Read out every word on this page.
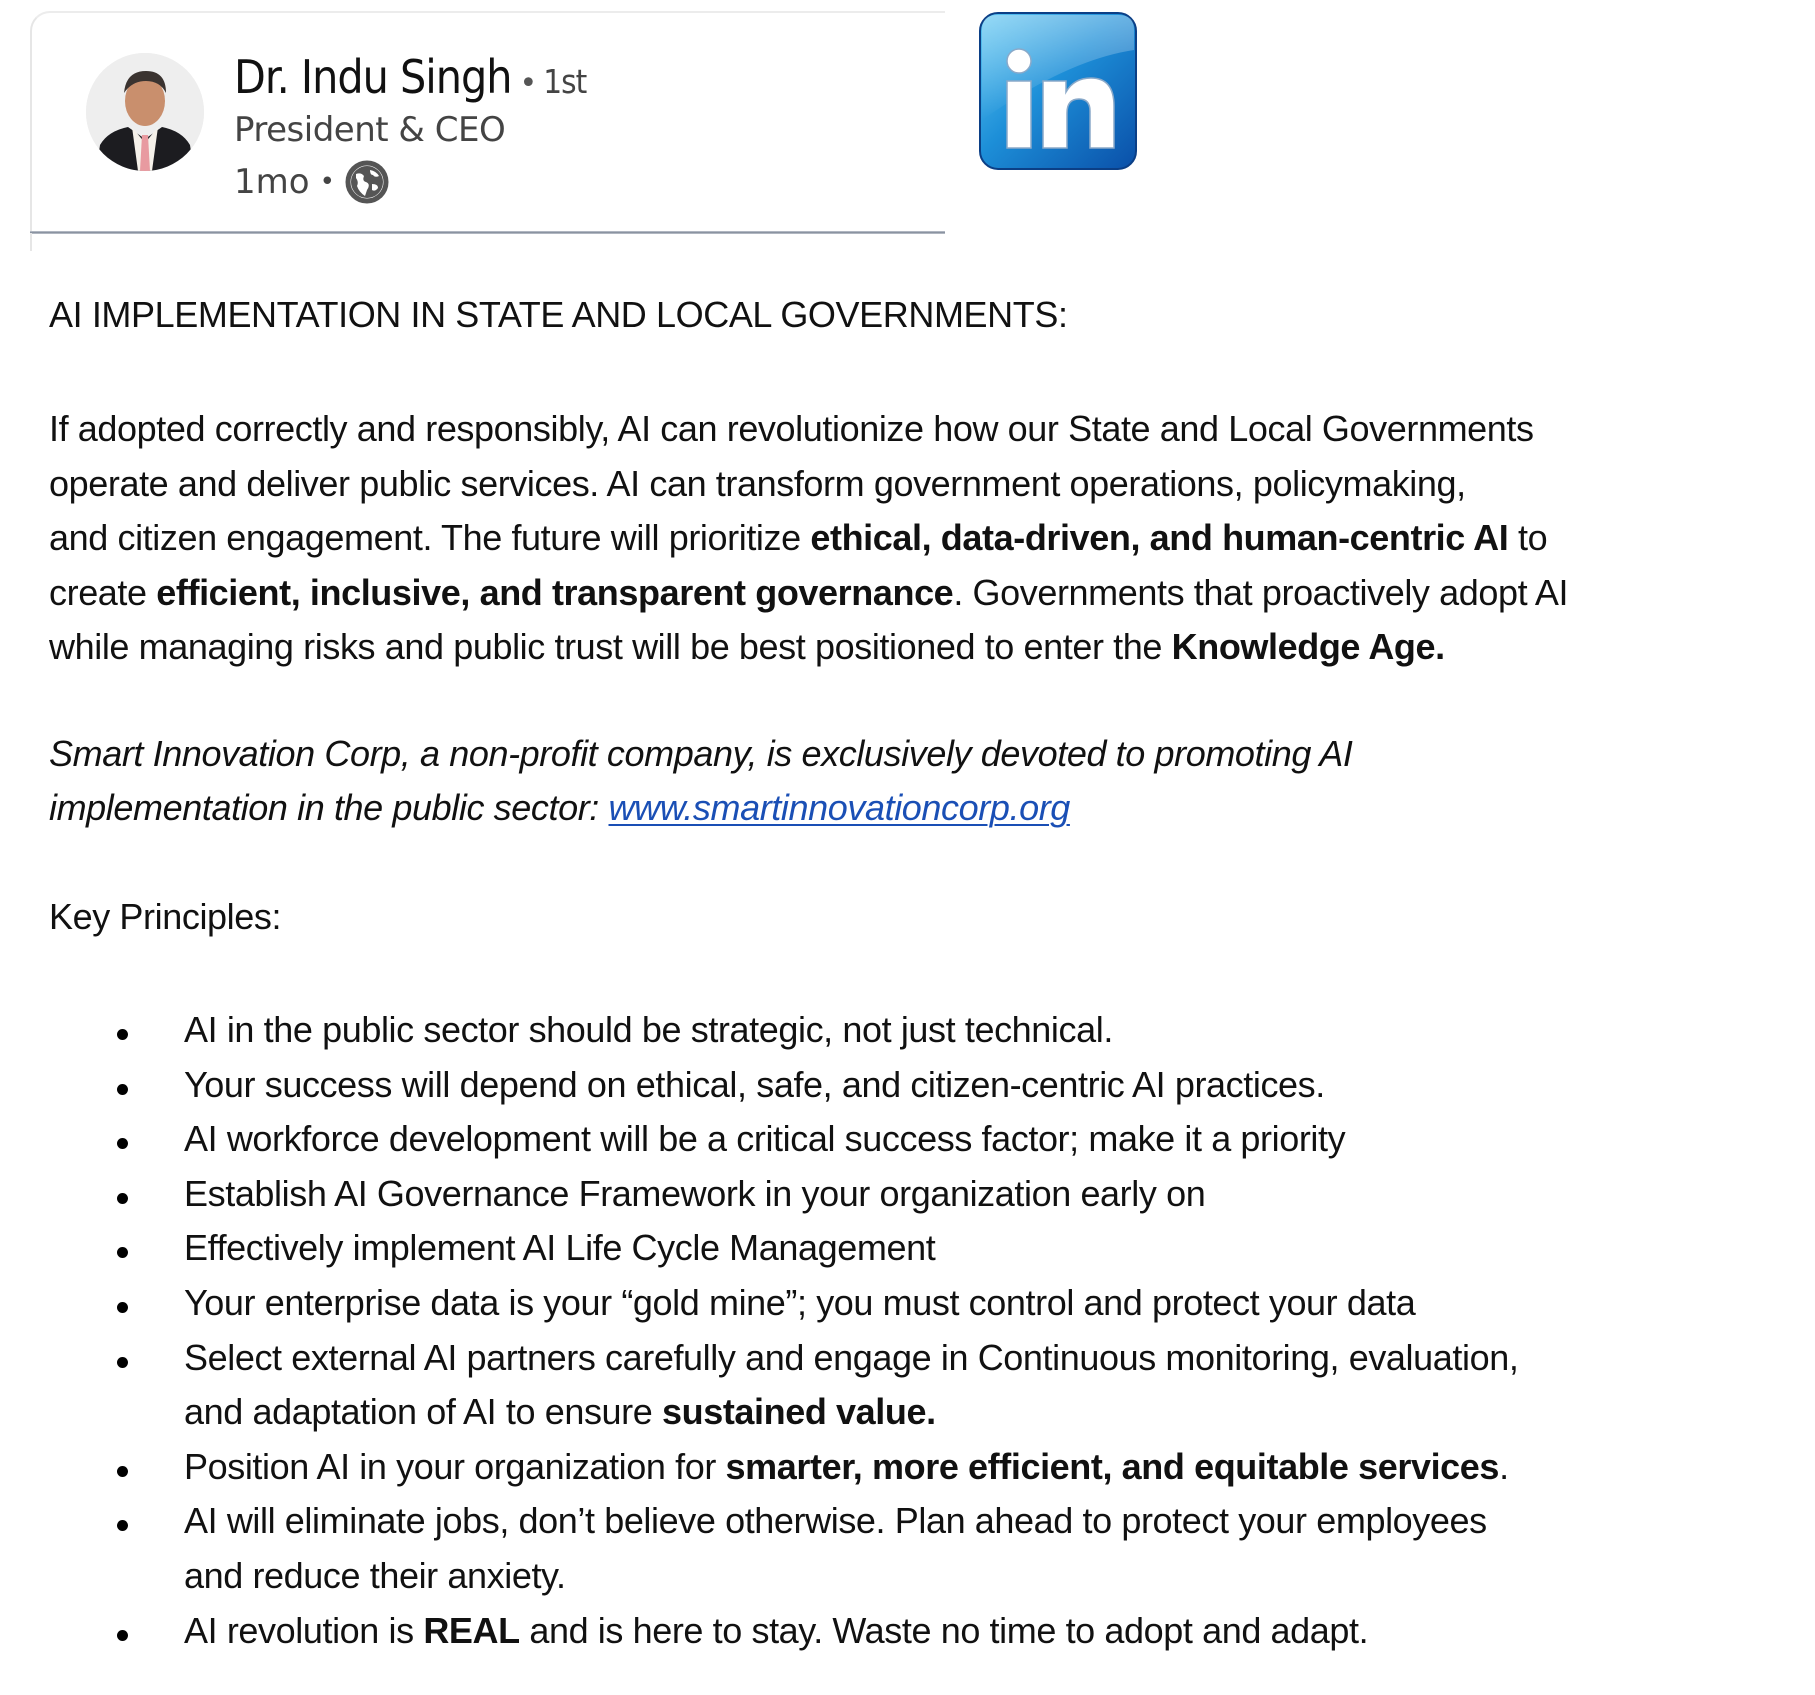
Dr. Indu Singh • 1st
President & CEO
1mo •
AI IMPLEMENTATION IN STATE AND LOCAL GOVERNMENTS:
If adopted correctly and responsibly, AI can revolutionize how our State and Local Governments
operate and deliver public services. AI can transform government operations, policymaking,
and citizen engagement. The future will prioritize ethical, data-driven, and human-centric AI to
create efficient, inclusive, and transparent governance. Governments that proactively adopt AI
while managing risks and public trust will be best positioned to enter the Knowledge Age.
Smart Innovation Corp, a non-profit company, is exclusively devoted to promoting AI
implementation in the public sector: www.smartinnovationcorp.org
Key Principles:
AI in the public sector should be strategic, not just technical.
Your success will depend on ethical, safe, and citizen-centric AI practices.
AI workforce development will be a critical success factor; make it a priority
Establish AI Governance Framework in your organization early on
Effectively implement AI Life Cycle Management
Your enterprise data is your “gold mine”; you must control and protect your data
Select external AI partners carefully and engage in Continuous monitoring, evaluation,
and adaptation of AI to ensure sustained value.
Position AI in your organization for smarter, more efficient, and equitable services.
AI will eliminate jobs, don’t believe otherwise. Plan ahead to protect your employees
and reduce their anxiety.
AI revolution is REAL and is here to stay. Waste no time to adopt and adapt.
